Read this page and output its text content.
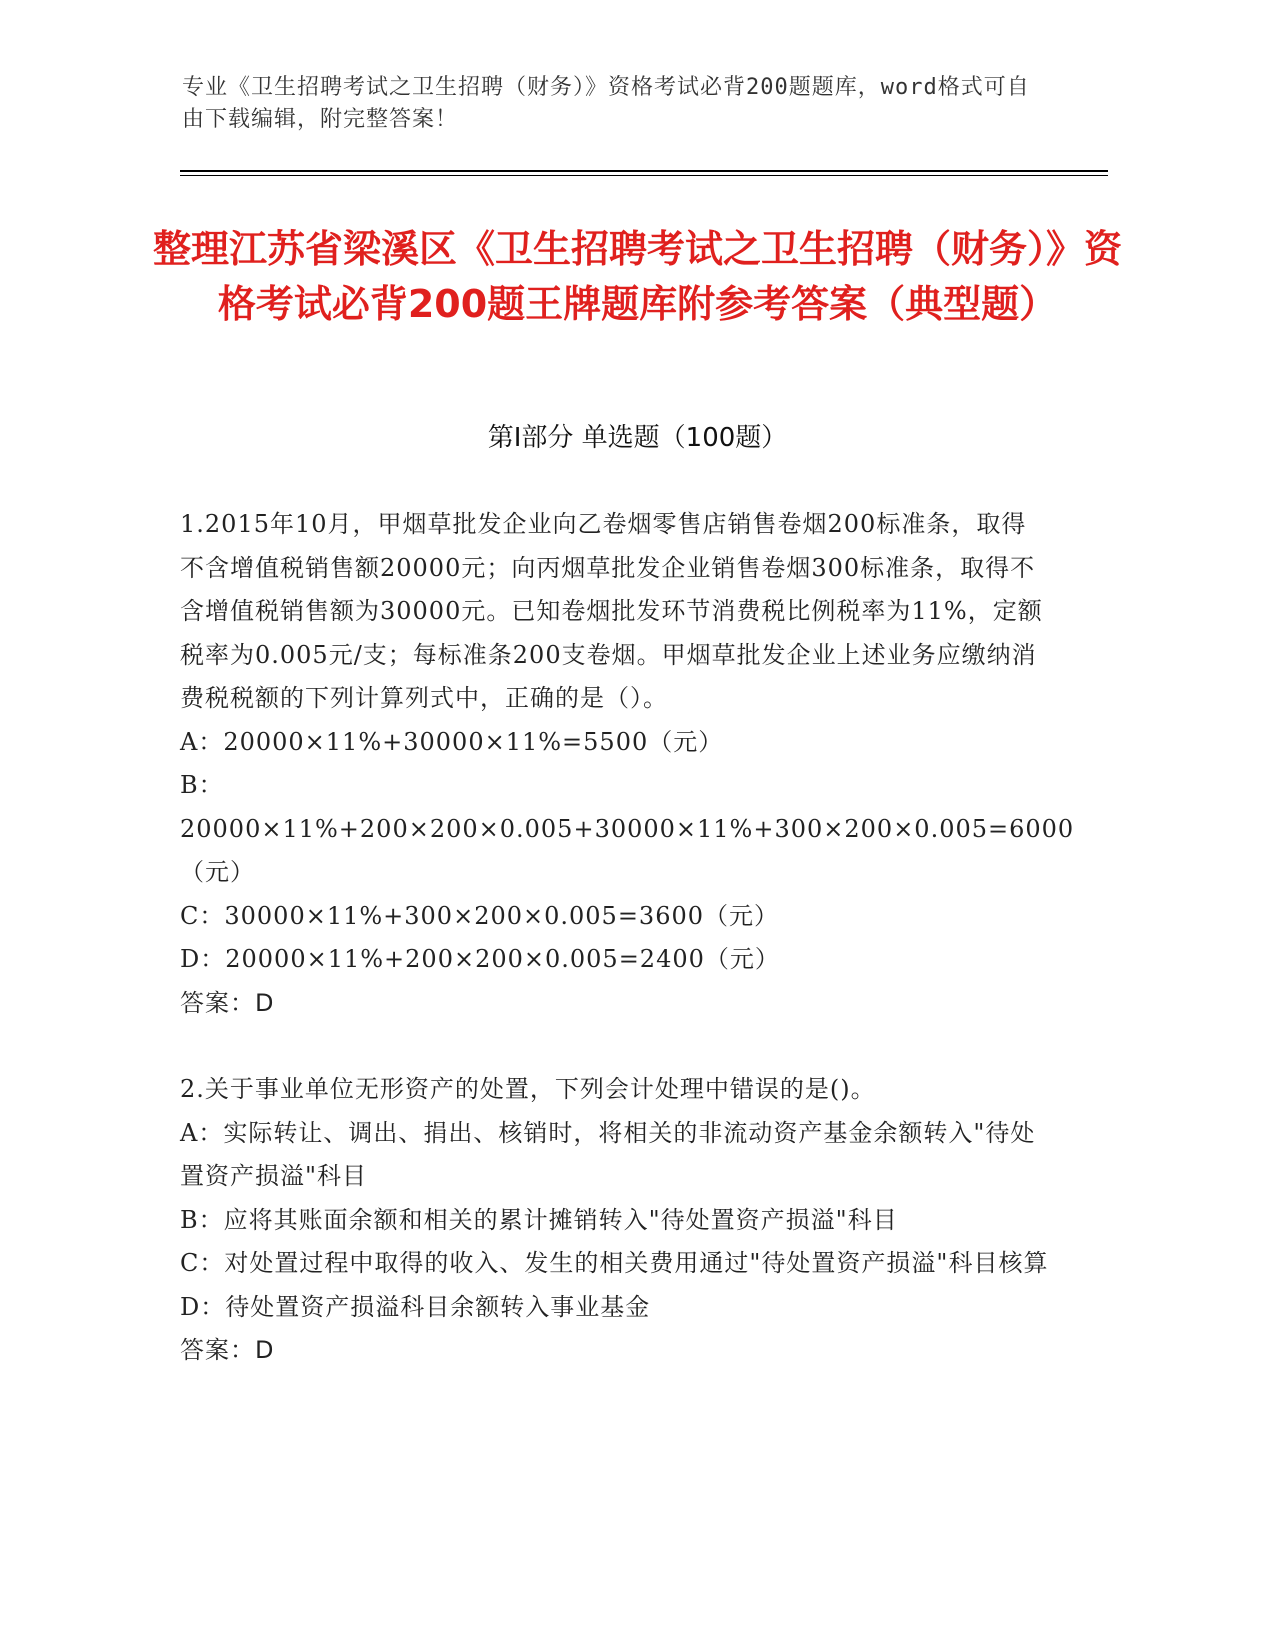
专业《卫生招聘考试之卫生招聘（财务）》资格考试必背200题题库，word格式可自由下载编辑，附完整答案！
整理江苏省梁溪区《卫生招聘考试之卫生招聘（财务）》资格考试必背200题王牌题库附参考答案（典型题）
第Ⅰ部分 单选题（100题）

1.2015年10月，甲烟草批发企业向乙卷烟零售店销售卷烟200标准条，取得不含增值税销售额20000元；向丙烟草批发企业销售卷烟300标准条，取得不含增值税销售额为30000元。已知卷烟批发环节消费税比例税率为11%，定额税率为0.005元/支；每标准条200支卷烟。甲烟草批发企业上述业务应缴纳消费税税额的下列计算列式中，正确的是（）。

A：20000×11%+30000×11%=5500（元）

B：20000×11%+200×200×0.005+30000×11%+300×200×0.005=6000（元）

C：30000×11%+300×200×0.005=3600（元）

D：20000×11%+200×200×0.005=2400（元）

答案：D

2.关于事业单位无形资产的处置，下列会计处理中错误的是()。

A：实际转让、调出、捐出、核销时，将相关的非流动资产基金余额转入"待处置资产损溢"科目

B：应将其账面余额和相关的累计摊销转入"待处置资产损溢"科目

C：对处置过程中取得的收入、发生的相关费用通过"待处置资产损溢"科目核算

D：待处置资产损溢科目余额转入事业基金

答案：D
